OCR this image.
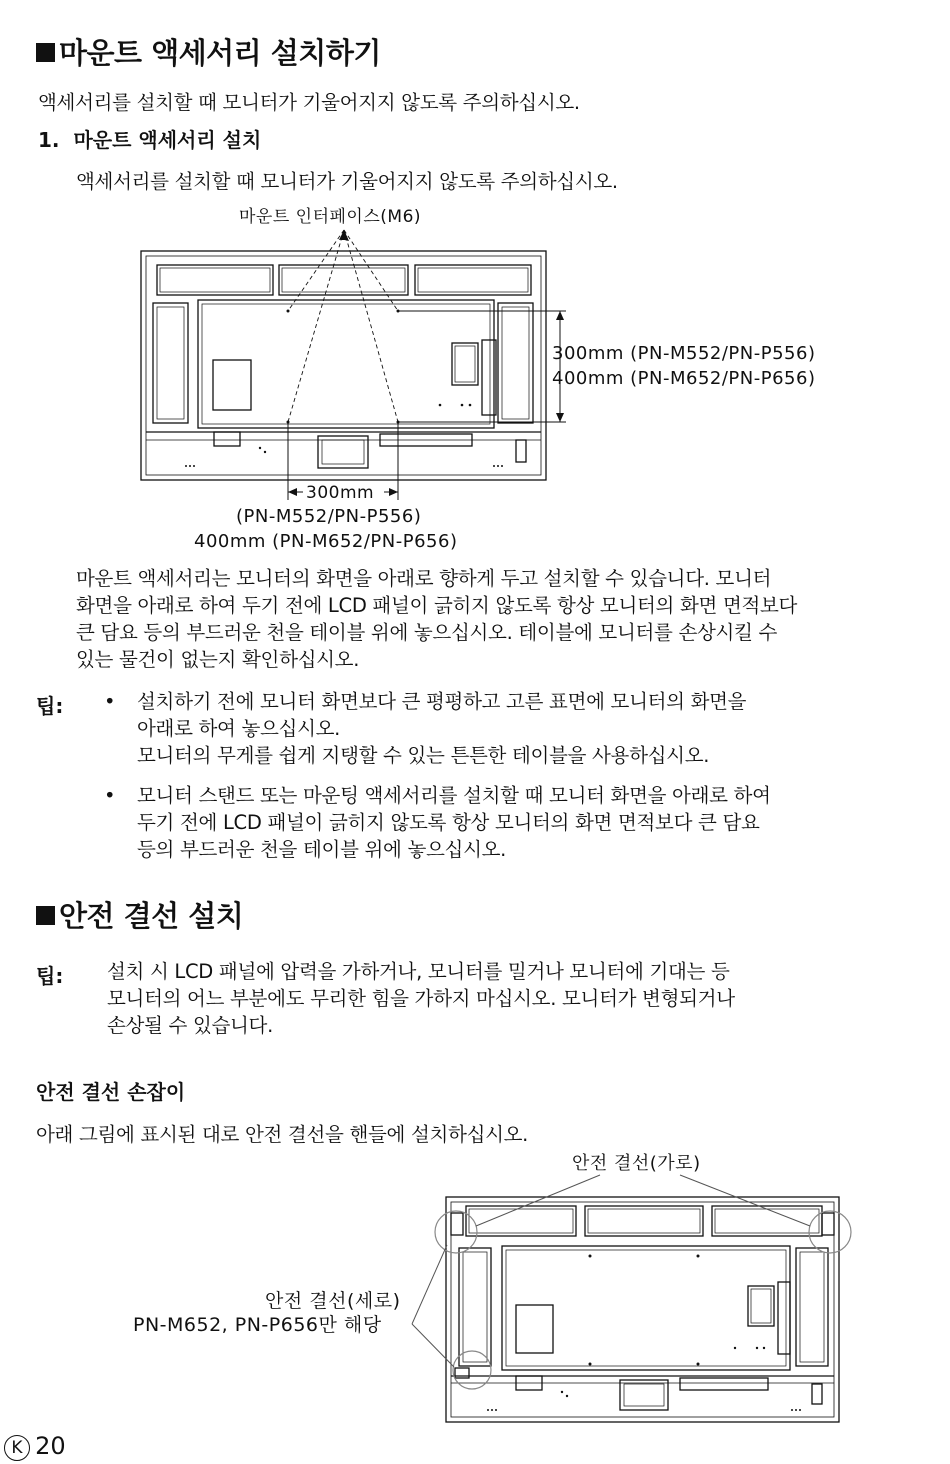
마운트 액세서리 설치하기
액세서리를 설치할 때 모니터가 기울어지지 않도록 주의하십시오.
1. 마운트 액세서리 설치
액세서리를 설치할 때 모니터가 기울어지지 않도록 주의하십시오.
마운트 인터페이스(M6)
300mm (PN-M552/PN-P556)
400mm (PN-M652/PN-P656)
300mm
(PN-M552/PN-P556)
400mm (PN-M652/PN-P656)
마운트 액세서리는 모니터의 화면을 아래로 향하게 두고 설치할 수 있습니다. 모니터
화면을 아래로 하여 두기 전에 LCD 패널이 긁히지 않도록 항상 모니터의 화면 면적보다
큰 담요 등의 부드러운 천을 테이블 위에 놓으십시오. 테이블에 모니터를 손상시킬 수
있는 물건이 없는지 확인하십시오.
팁: • 설치하기 전에 모니터 화면보다 큰 평평하고 고른 표면에 모니터의 화면을
아래로 하여 놓으십시오.
모니터의 무게를 쉽게 지탱할 수 있는 튼튼한 테이블을 사용하십시오.
• 모니터 스탠드 또는 마운팅 액세서리를 설치할 때 모니터 화면을 아래로 하여
두기 전에 LCD 패널이 긁히지 않도록 항상 모니터의 화면 면적보다 큰 담요
등의 부드러운 천을 테이블 위에 놓으십시오.
안전 결선 설치
팁: 설치 시 LCD 패널에 압력을 가하거나, 모니터를 밀거나 모니터에 기대는 등
모니터의 어느 부분에도 무리한 힘을 가하지 마십시오. 모니터가 변형되거나
손상될 수 있습니다.
안전 결선 손잡이
아래 그림에 표시된 대로 안전 결선을 핸들에 설치하십시오.
안전 결선(가로)
안전 결선(세로)
PN-M652, PN-P656만 해당
K 20
